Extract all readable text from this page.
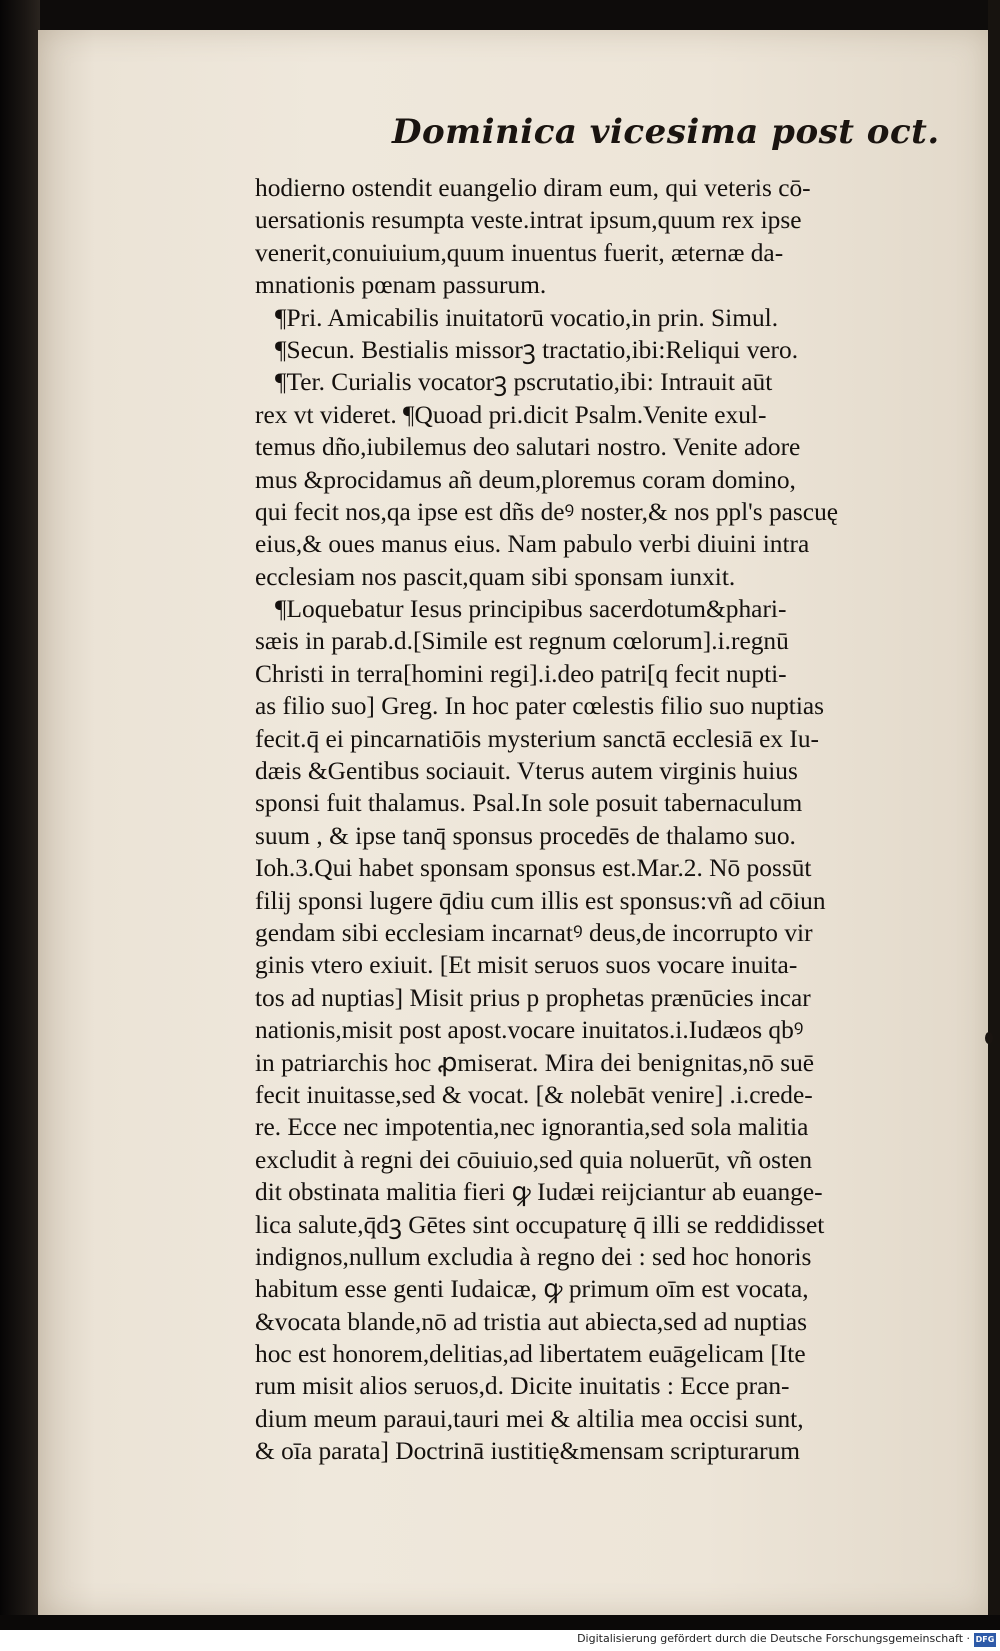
Dominica vicesima post oct.
hodierno ostendit euangelio diram eum, qui veteris cō-
uersationis resumpta veste.intrat ipsum,quum rex ipse
venerit,conuiuium,quum inuentus fuerit, æternæ da-
mnationis pœnam passurum.
¶Pri. Amicabilis inuitatorū vocatio,in prin. Simul.
¶Secun. Bestialis missorꝫ tractatio,ibi:Reliqui vero.
¶Ter. Curialis vocatorꝫ pscrutatio,ibi: Intrauit aūt
rex vt videret. ¶Quoad pri.dicit Psalm.Venite exul-
temus dño,iubilemus deo salutari nostro. Venite adore
mus &procidamus añ deum,ploremus coram domino,
qui fecit nos,qa ipse est dñs deꝰ noster,& nos ppl's pascuę
eius,& oues manus eius. Nam pabulo verbi diuini intra
ecclesiam nos pascit,quam sibi sponsam iunxit.
¶Loquebatur Iesus principibus sacerdotum&phari-
sæis in parab.d.[Simile est regnum cœlorum].i.regnū
Christi in terra[homini regi].i.deo patri[q fecit nupti-
as filio suo] Greg. In hoc pater cœlestis filio suo nuptias
fecit.q̄ ei pincarnatiōis mysterium sanctā ecclesiā ex Iu-
dæis &Gentibus sociauit. Vterus autem virginis huius
sponsi fuit thalamus. Psal.In sole posuit tabernaculum
suum , & ipse tanq̄ sponsus procedēs de thalamo suo.
Ioh.3.Qui habet sponsam sponsus est.Mar.2. Nō possūt
filij sponsi lugere q̄diu cum illis est sponsus:vñ ad cōiun
gendam sibi ecclesiam incarnatꝰ deus,de incorrupto vir
ginis vtero exiuit. [Et misit seruos suos vocare inuita-
tos ad nuptias] Misit prius p prophetas prænūcies incar
nationis,misit post apost.vocare inuitatos.i.Iudæos qbꝰ
in patriarchis hoc ꝓmiserat. Mira dei benignitas,nō suē
fecit inuitasse,sed & vocat. [& nolebāt venire] .i.crede-
re. Ecce nec impotentia,nec ignorantia,sed sola malitia
excludit à regni dei cōuiuio,sed quia noluerūt, vñ osten
dit obstinata malitia fieri ꝙ Iudæi reijciantur ab euange-
lica salute,q̄dꝫ Gētes sint occupaturę q̄ illi se reddidisset
indignos,nullum excludia à regno dei : sed hoc honoris
habitum esse genti Iudaicæ, ꝙ primum oīm est vocata,
&vocata blande,nō ad tristia aut abiecta,sed ad nuptias
hoc est honorem,delitias,ad libertatem euāgelicam [Ite
rum misit alios seruos,d. Dicite inuitatis : Ecce pran-
dium meum paraui,tauri mei & altilia mea occisi sunt,
& oīa parata] Doctrinā iustitię&mensam scripturarum
Digitalisierung gefördert durch die Deutsche Forschungsgemeinschaft · DFG
